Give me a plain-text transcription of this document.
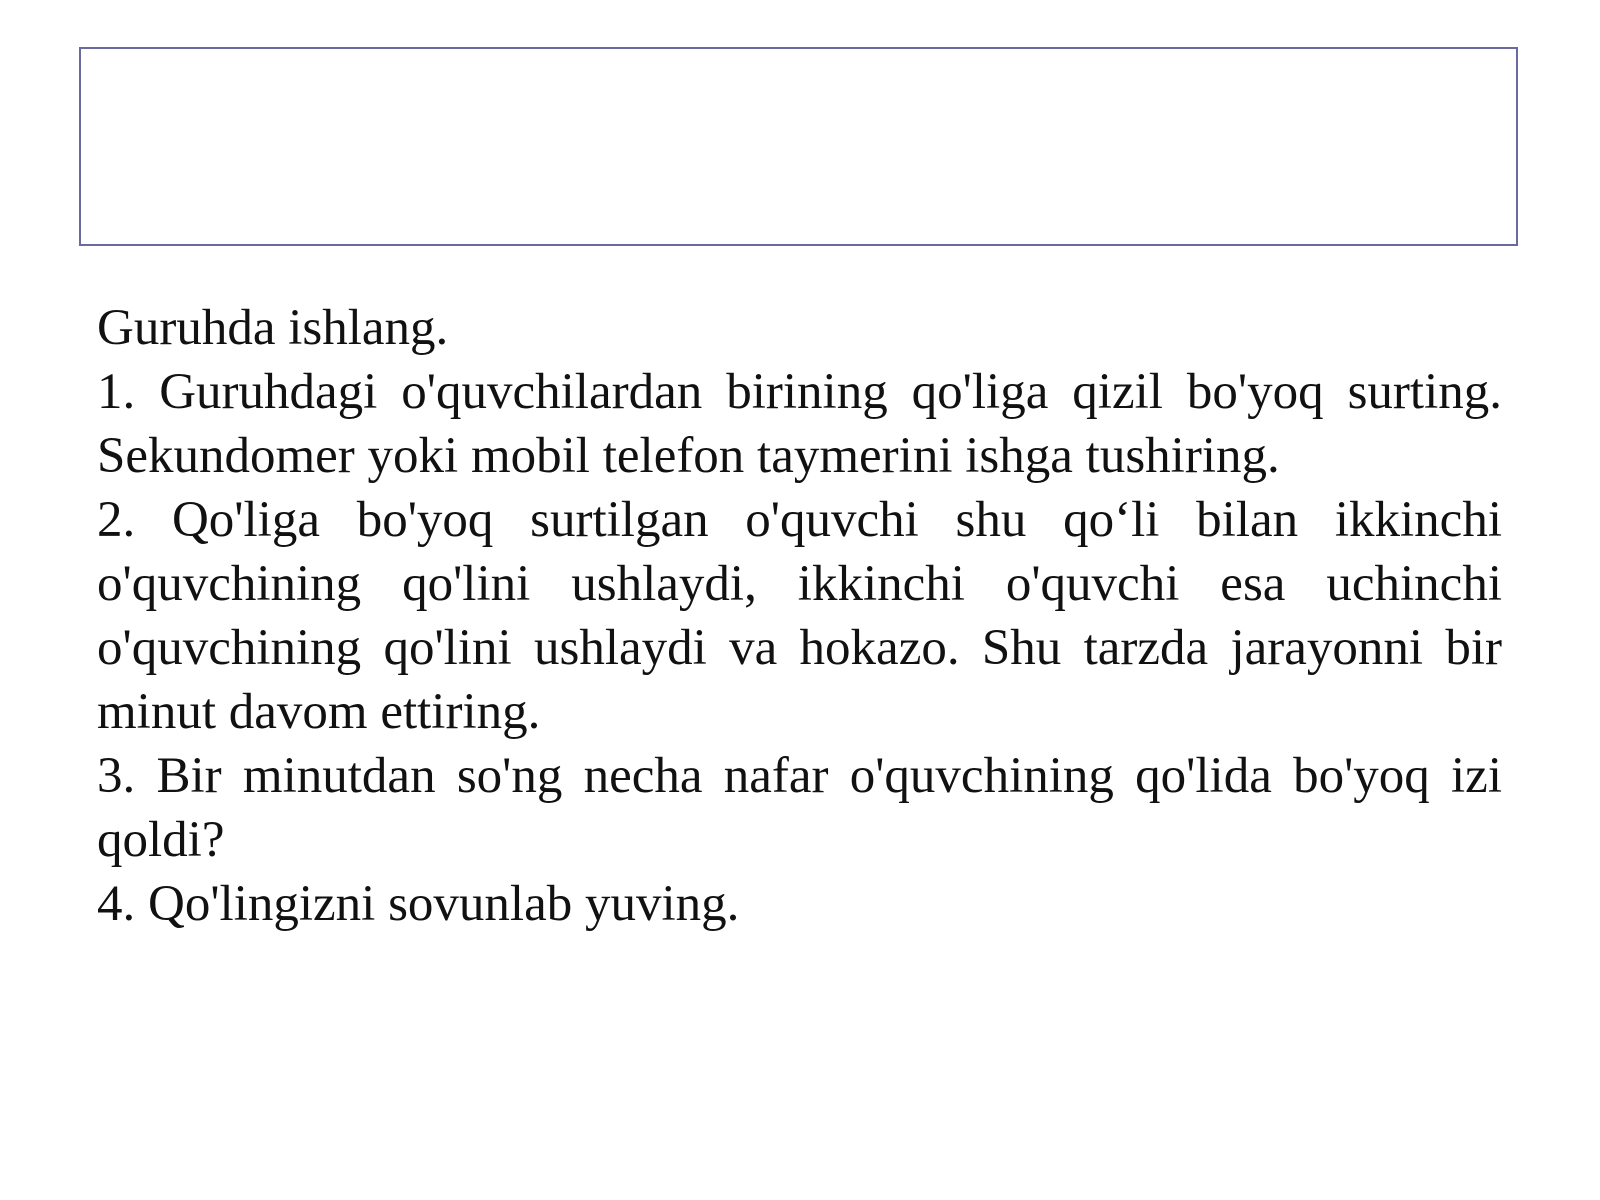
Guruhda ishlang.

1. Guruhdagi o'quvchilardan birining qo'liga qizil bo'yoq surting. Sekundomer yoki mobil telefon taymerini ishga tushiring.

2. Qo'liga bo'yoq surtilgan o'quvchi shu qo‘li bilan ikkinchi o'quvchining qo'lini ushlaydi, ikkinchi o'quvchi esa uchinchi o'quvchining qo'lini ushlaydi va hokazo. Shu tarzda jarayonni bir minut davom ettiring.

3. Bir minutdan so'ng necha nafar o'quvchining qo'lida bo'yoq izi qoldi?

4. Qo'lingizni sovunlab yuving.
